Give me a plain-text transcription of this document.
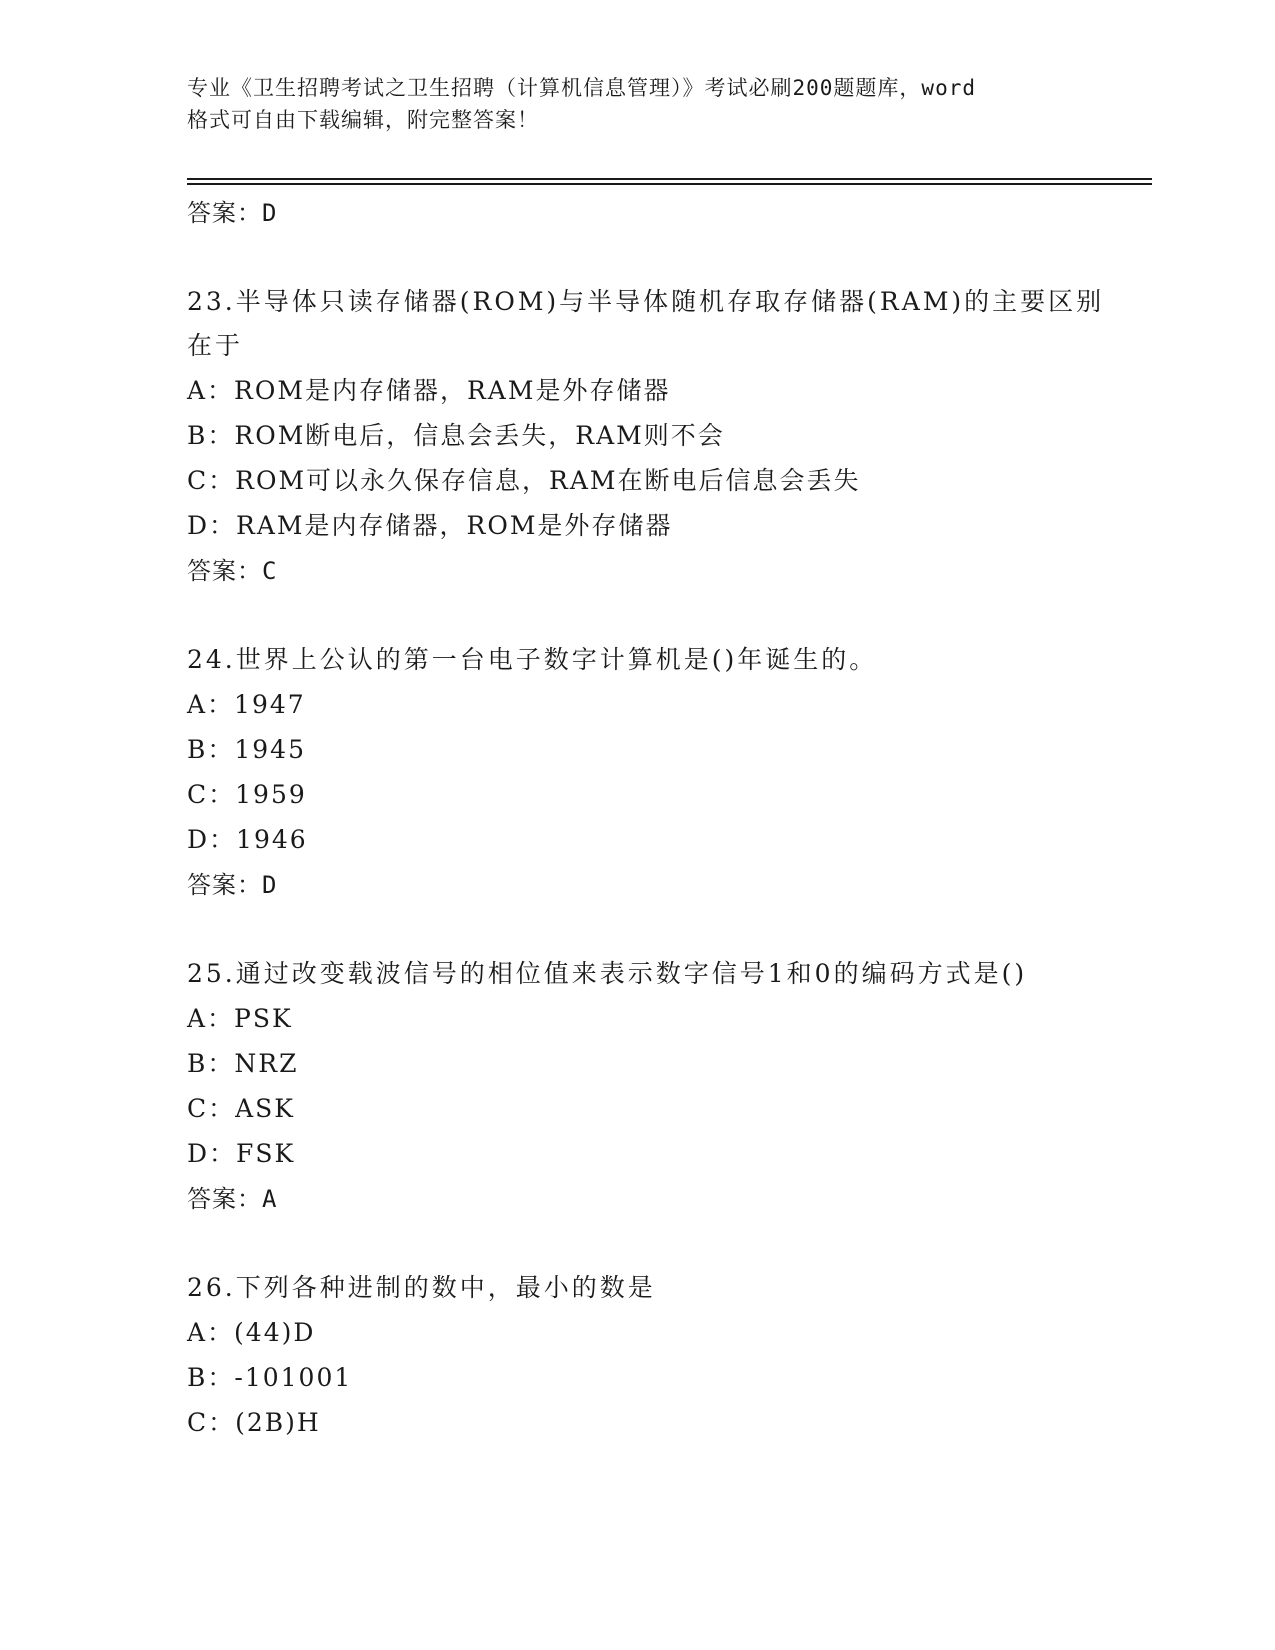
专业《卫生招聘考试之卫生招聘（计算机信息管理）》考试必刷200题题库，word
格式可自由下载编辑，附完整答案！
答案：D
23.半导体只读存储器(ROM)与半导体随机存取存储器(RAM)的主要区别
在于
A：ROM是内存储器，RAM是外存储器
B：ROM断电后，信息会丢失，RAM则不会
C：ROM可以永久保存信息，RAM在断电后信息会丢失
D：RAM是内存储器，ROM是外存储器
答案：C
24.世界上公认的第一台电子数字计算机是()年诞生的。
A：1947
B：1945
C：1959
D：1946
答案：D
25.通过改变载波信号的相位值来表示数字信号1和0的编码方式是()
A：PSK
B：NRZ
C：ASK
D：FSK
答案：A
26.下列各种进制的数中，最小的数是
A：(44)D
B：-101001
C：(2B)H
